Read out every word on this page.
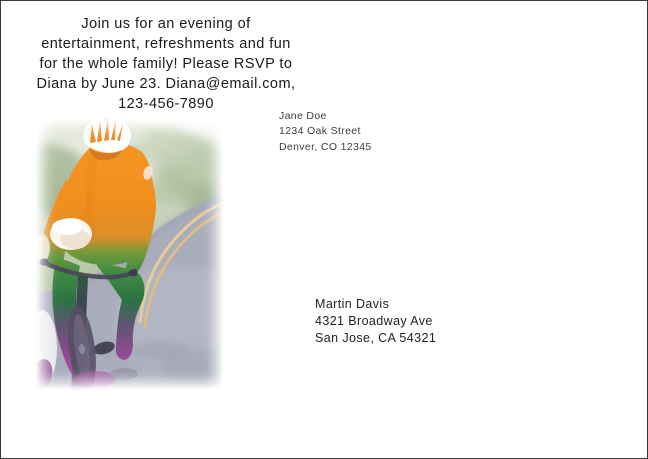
Join us for an evening of
entertainment, refreshments and fun
for the whole family! Please RSVP to
Diana by June 23. Diana@email.com,
123-456-7890
Jane Doe
1234 Oak Street
Denver, CO 12345
Martin Davis
4321 Broadway Ave
San Jose, CA 54321
